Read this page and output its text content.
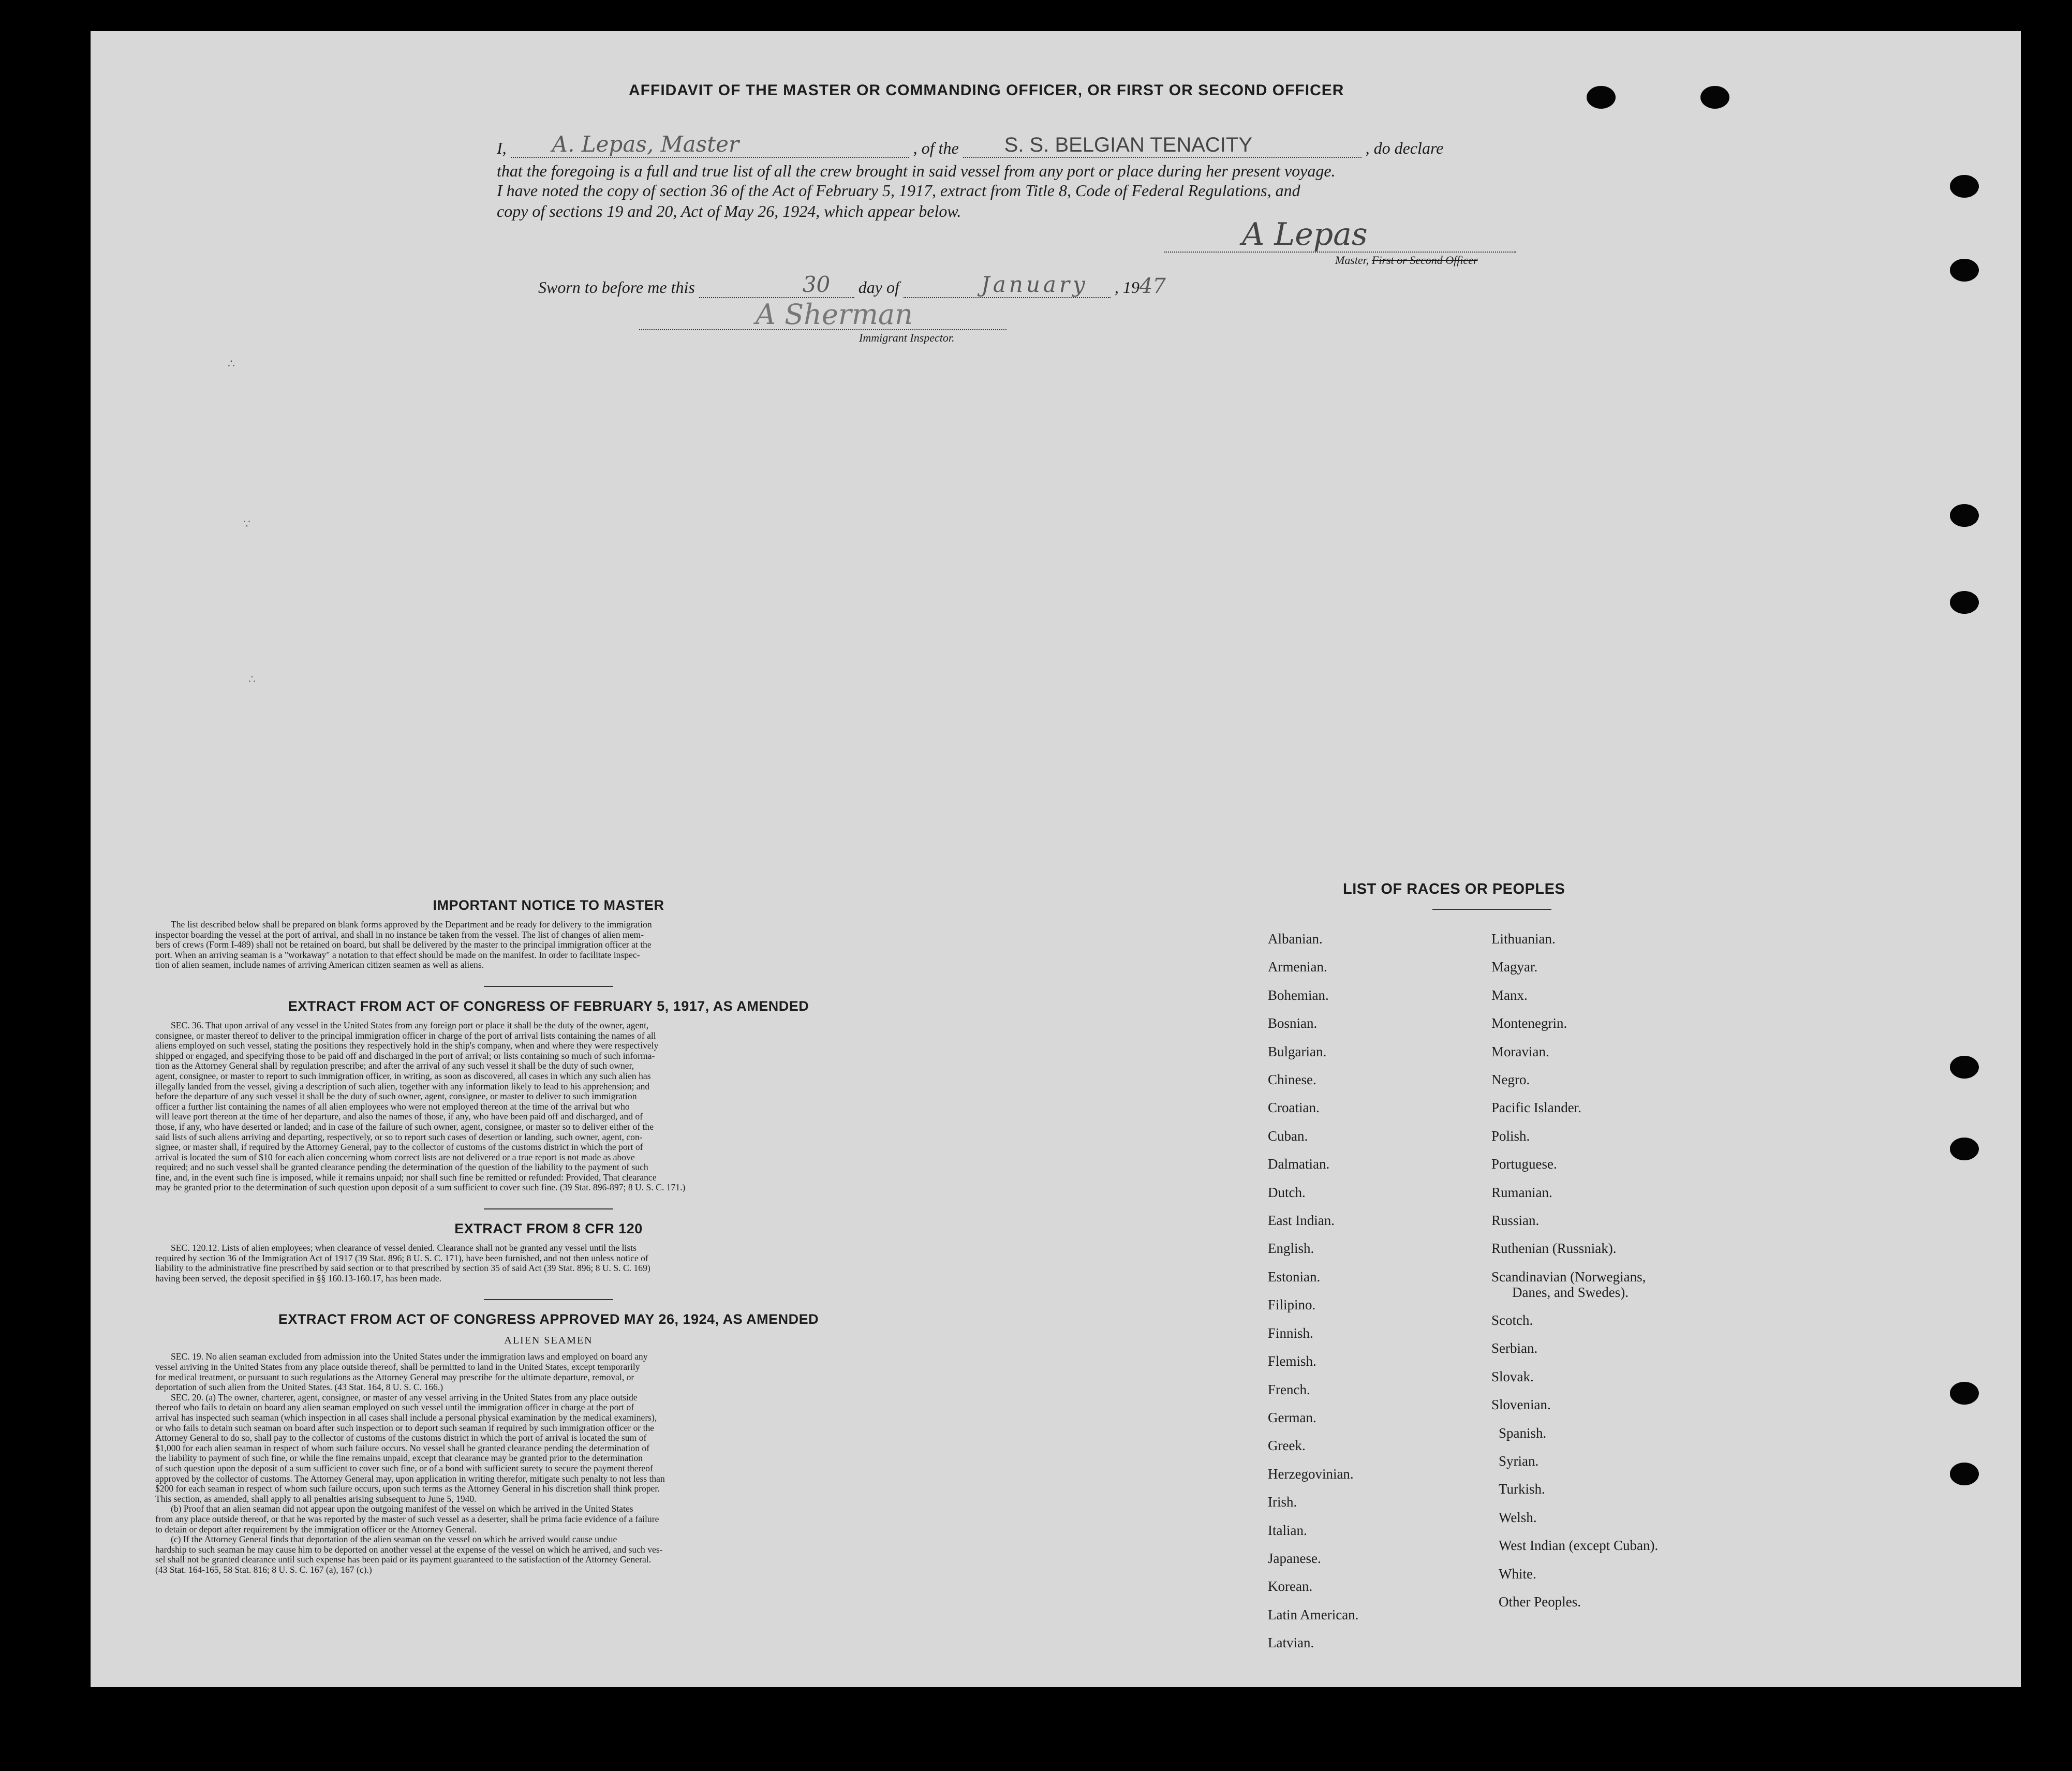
AFFIDAVIT OF THE MASTER OR COMMANDING OFFICER, OR FIRST OR SECOND OFFICER
I, A. Lepas, Master	, of the S. S. BELGIAN TENACITY	, do declare
that the foregoing is a full and true list of all the crew brought in said vessel from any port or place during her present voyage.
I have noted the copy of section 36 of the Act of February 5, 1917, extract from Title 8, Code of Federal Regulations, and
copy of sections 19 and 20, Act of May 26, 1924, which appear below.
A Lepas
Master, First or Second Officer
Sworn to before me this	30 day of	January , 1947
A Sherman
Immigrant Inspector.
∴
∵
∴
IMPORTANT NOTICE TO MASTER
The list described below shall be prepared on blank forms approved by the Department and be ready for delivery to the immigration
inspector boarding the vessel at the port of arrival, and shall in no instance be taken from the vessel. The list of changes of alien mem-
bers of crews (Form I-489) shall not be retained on board, but shall be delivered by the master to the principal immigration officer at the
port. When an arriving seaman is a "workaway" a notation to that effect should be made on the manifest. In order to facilitate inspec-
tion of alien seamen, include names of arriving American citizen seamen as well as aliens.
EXTRACT FROM ACT OF CONGRESS OF FEBRUARY 5, 1917, AS AMENDED
SEC. 36. That upon arrival of any vessel in the United States from any foreign port or place it shall be the duty of the owner, agent,
consignee, or master thereof to deliver to the principal immigration officer in charge of the port of arrival lists containing the names of all
aliens employed on such vessel, stating the positions they respectively hold in the ship's company, when and where they were respectively
shipped or engaged, and specifying those to be paid off and discharged in the port of arrival; or lists containing so much of such informa-
tion as the Attorney General shall by regulation prescribe; and after the arrival of any such vessel it shall be the duty of such owner,
agent, consignee, or master to report to such immigration officer, in writing, as soon as discovered, all cases in which any such alien has
illegally landed from the vessel, giving a description of such alien, together with any information likely to lead to his apprehension; and
before the departure of any such vessel it shall be the duty of such owner, agent, consignee, or master to deliver to such immigration
officer a further list containing the names of all alien employees who were not employed thereon at the time of the arrival but who
will leave port thereon at the time of her departure, and also the names of those, if any, who have been paid off and discharged, and of
those, if any, who have deserted or landed; and in case of the failure of such owner, agent, consignee, or master so to deliver either of the
said lists of such aliens arriving and departing, respectively, or so to report such cases of desertion or landing, such owner, agent, con-
signee, or master shall, if required by the Attorney General, pay to the collector of customs of the customs district in which the port of
arrival is located the sum of $10 for each alien concerning whom correct lists are not delivered or a true report is not made as above
required; and no such vessel shall be granted clearance pending the determination of the question of the liability to the payment of such
fine, and, in the event such fine is imposed, while it remains unpaid; nor shall such fine be remitted or refunded: Provided, That clearance
may be granted prior to the determination of such question upon deposit of a sum sufficient to cover such fine. (39 Stat. 896-897; 8 U. S. C. 171.)
EXTRACT FROM 8 CFR 120
SEC. 120.12. Lists of alien employees; when clearance of vessel denied. Clearance shall not be granted any vessel until the lists
required by section 36 of the Immigration Act of 1917 (39 Stat. 896; 8 U. S. C. 171), have been furnished, and not then unless notice of
liability to the administrative fine prescribed by said section or to that prescribed by section 35 of said Act (39 Stat. 896; 8 U. S. C. 169)
having been served, the deposit specified in §§ 160.13-160.17, has been made.
EXTRACT FROM ACT OF CONGRESS APPROVED MAY 26, 1924, AS AMENDED
ALIEN SEAMEN
SEC. 19. No alien seaman excluded from admission into the United States under the immigration laws and employed on board any
vessel arriving in the United States from any place outside thereof, shall be permitted to land in the United States, except temporarily
for medical treatment, or pursuant to such regulations as the Attorney General may prescribe for the ultimate departure, removal, or
deportation of such alien from the United States. (43 Stat. 164, 8 U. S. C. 166.)
SEC. 20. (a) The owner, charterer, agent, consignee, or master of any vessel arriving in the United States from any place outside
thereof who fails to detain on board any alien seaman employed on such vessel until the immigration officer in charge at the port of
arrival has inspected such seaman (which inspection in all cases shall include a personal physical examination by the medical examiners),
or who fails to detain such seaman on board after such inspection or to deport such seaman if required by such immigration officer or the
Attorney General to do so, shall pay to the collector of customs of the customs district in which the port of arrival is located the sum of
$1,000 for each alien seaman in respect of whom such failure occurs. No vessel shall be granted clearance pending the determination of
the liability to payment of such fine, or while the fine remains unpaid, except that clearance may be granted prior to the determination
of such question upon the deposit of a sum sufficient to cover such fine, or of a bond with sufficient surety to secure the payment thereof
approved by the collector of customs. The Attorney General may, upon application in writing therefor, mitigate such penalty to not less than
$200 for each seaman in respect of whom such failure occurs, upon such terms as the Attorney General in his discretion shall think proper.
This section, as amended, shall apply to all penalties arising subsequent to June 5, 1940.
(b) Proof that an alien seaman did not appear upon the outgoing manifest of the vessel on which he arrived in the United States
from any place outside thereof, or that he was reported by the master of such vessel as a deserter, shall be prima facie evidence of a failure
to detain or deport after requirement by the immigration officer or the Attorney General.
(c) If the Attorney General finds that deportation of the alien seaman on the vessel on which he arrived would cause undue
hardship to such seaman he may cause him to be deported on another vessel at the expense of the vessel on which he arrived, and such ves-
sel shall not be granted clearance until such expense has been paid or its payment guaranteed to the satisfaction of the Attorney General.
(43 Stat. 164-165, 58 Stat. 816; 8 U. S. C. 167 (a), 167 (c).)
LIST OF RACES OR PEOPLES
Albanian.
Armenian.
Bohemian.
Bosnian.
Bulgarian.
Chinese.
Croatian.
Cuban.
Dalmatian.
Dutch.
East Indian.
English.
Estonian.
Filipino.
Finnish.
Flemish.
French.
German.
Greek.
Herzegovinian.
Irish.
Italian.
Japanese.
Korean.
Latin American.
Latvian.
Lithuanian.
Magyar.
Manx.
Montenegrin.
Moravian.
Negro.
Pacific Islander.
Polish.
Portuguese.
Rumanian.
Russian.
Ruthenian (Russniak).
Scandinavian (Norwegians,
Danes, and Swedes).
Scotch.
Serbian.
Slovak.
Slovenian.
Spanish.
Syrian.
Turkish.
Welsh.
West Indian (except Cuban).
White.
Other Peoples.
